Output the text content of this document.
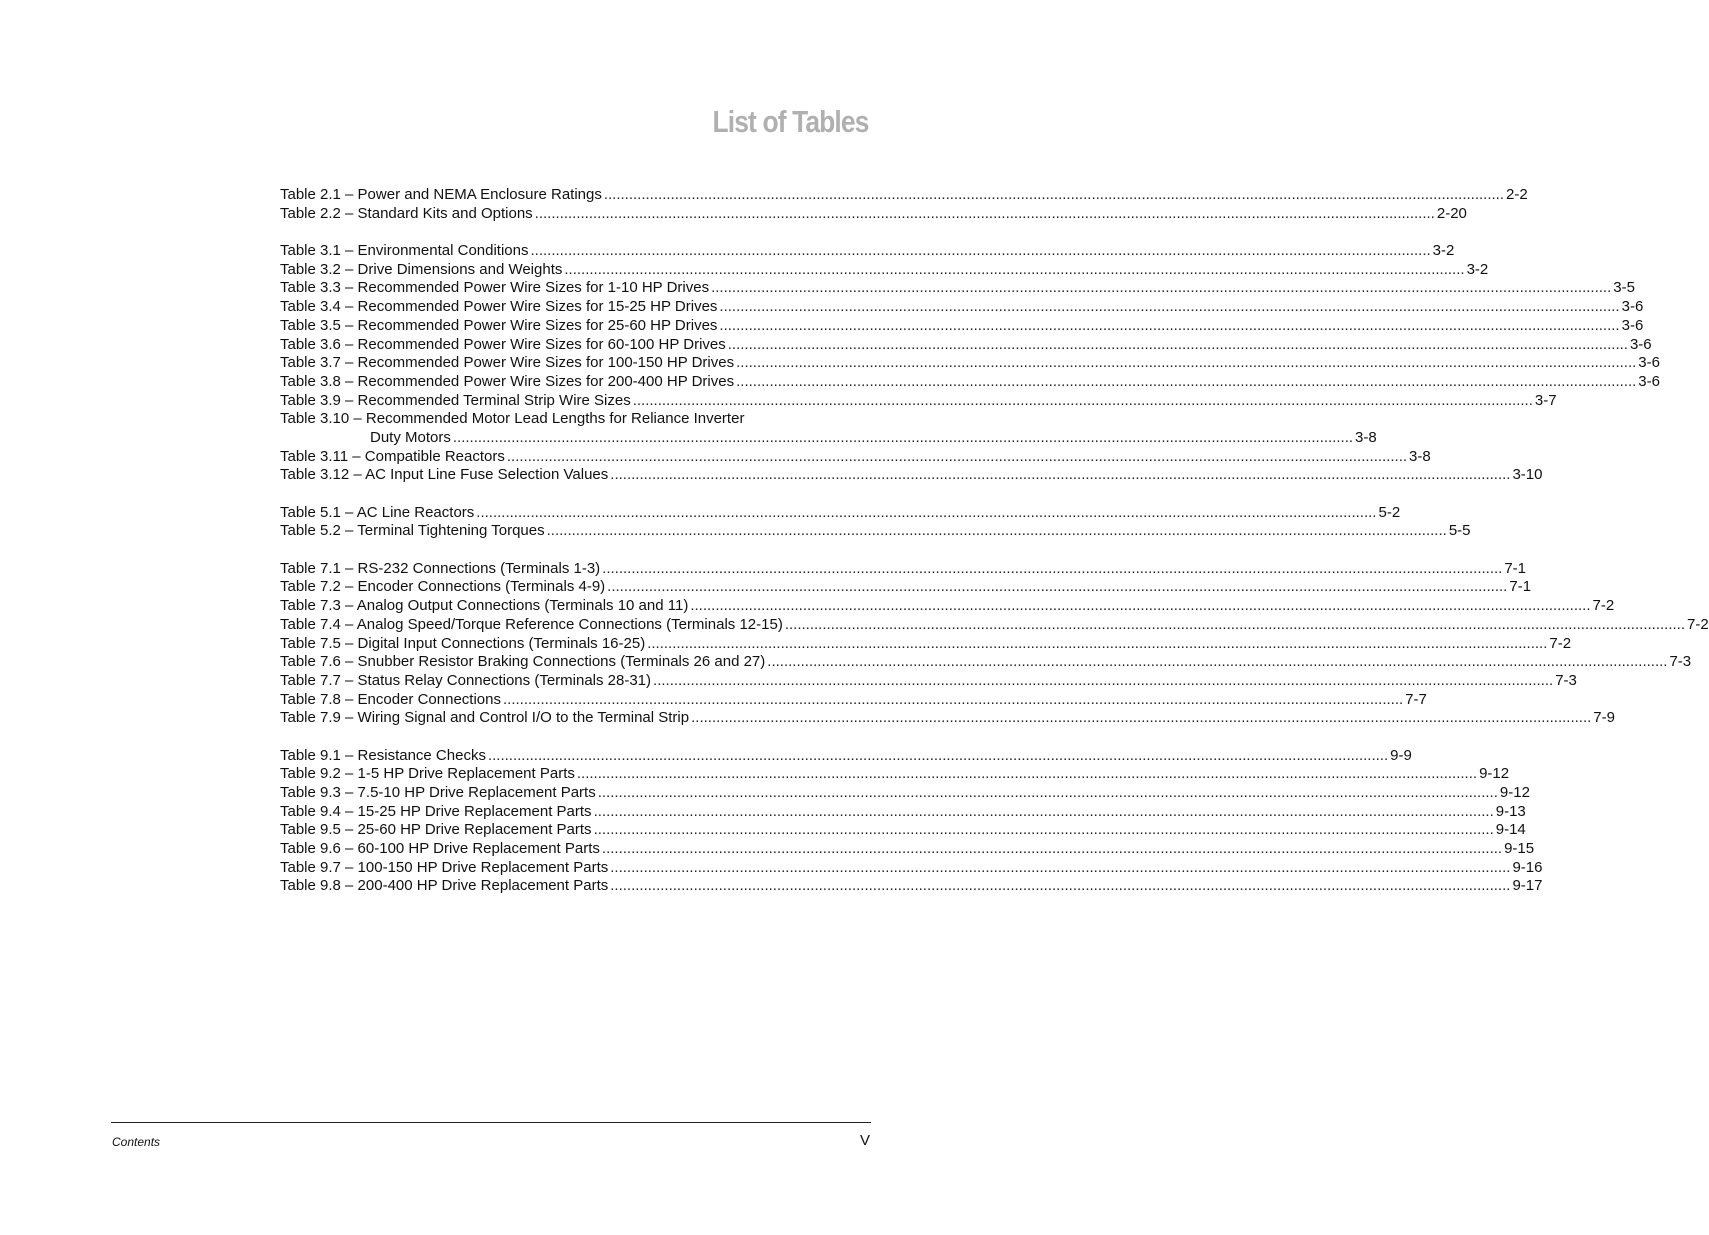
List of Tables
Table 2.1 – Power and NEMA Enclosure Ratings .....	2-2
Table 2.2 – Standard Kits and Options .....	2-20
Table 3.1 – Environmental Conditions .....	3-2
Table 3.2 – Drive Dimensions and Weights .....	3-2
Table 3.3 – Recommended Power Wire Sizes for 1-10 HP Drives .....	3-5
Table 3.4 – Recommended Power Wire Sizes for 15-25 HP Drives .....	3-6
Table 3.5 – Recommended Power Wire Sizes for 25-60 HP Drives .....	3-6
Table 3.6 – Recommended Power Wire Sizes for 60-100 HP Drives .....	3-6
Table 3.7 – Recommended Power Wire Sizes for 100-150 HP Drives .....	3-6
Table 3.8 – Recommended Power Wire Sizes for 200-400 HP Drives .....	3-6
Table 3.9 – Recommended Terminal Strip Wire Sizes .....	3-7
Table 3.10 – Recommended Motor Lead Lengths for Reliance Inverter
Duty Motors .....	3-8
Table 3.11 – Compatible Reactors .....	3-8
Table 3.12 – AC Input Line Fuse Selection Values .....	3-10
Table 5.1 – AC Line Reactors .....	5-2
Table 5.2 – Terminal Tightening Torques .....	5-5
Table 7.1 – RS-232 Connections (Terminals 1-3) .....	7-1
Table 7.2 – Encoder Connections (Terminals 4-9) .....	7-1
Table 7.3 – Analog Output Connections (Terminals 10 and 11) .....	7-2
Table 7.4 – Analog Speed/Torque Reference Connections (Terminals 12-15) .....	7-2
Table 7.5 – Digital Input Connections (Terminals 16-25) .....	7-2
Table 7.6 – Snubber Resistor Braking Connections (Terminals 26 and 27) .....	7-3
Table 7.7 – Status Relay Connections (Terminals 28-31) .....	7-3
Table 7.8 – Encoder Connections .....	7-7
Table 7.9 – Wiring Signal and Control I/O to the Terminal Strip .....	7-9
Table 9.1 – Resistance Checks .....	9-9
Table 9.2 – 1-5 HP Drive Replacement Parts .....	9-12
Table 9.3 – 7.5-10 HP Drive Replacement Parts .....	9-12
Table 9.4 – 15-25 HP Drive Replacement Parts .....	9-13
Table 9.5 – 25-60 HP Drive Replacement Parts .....	9-14
Table 9.6 – 60-100 HP Drive Replacement Parts .....	9-15
Table 9.7 – 100-150 HP Drive Replacement Parts .....	9-16
Table 9.8 – 200-400 HP Drive Replacement Parts .....	9-17
Contents	V
